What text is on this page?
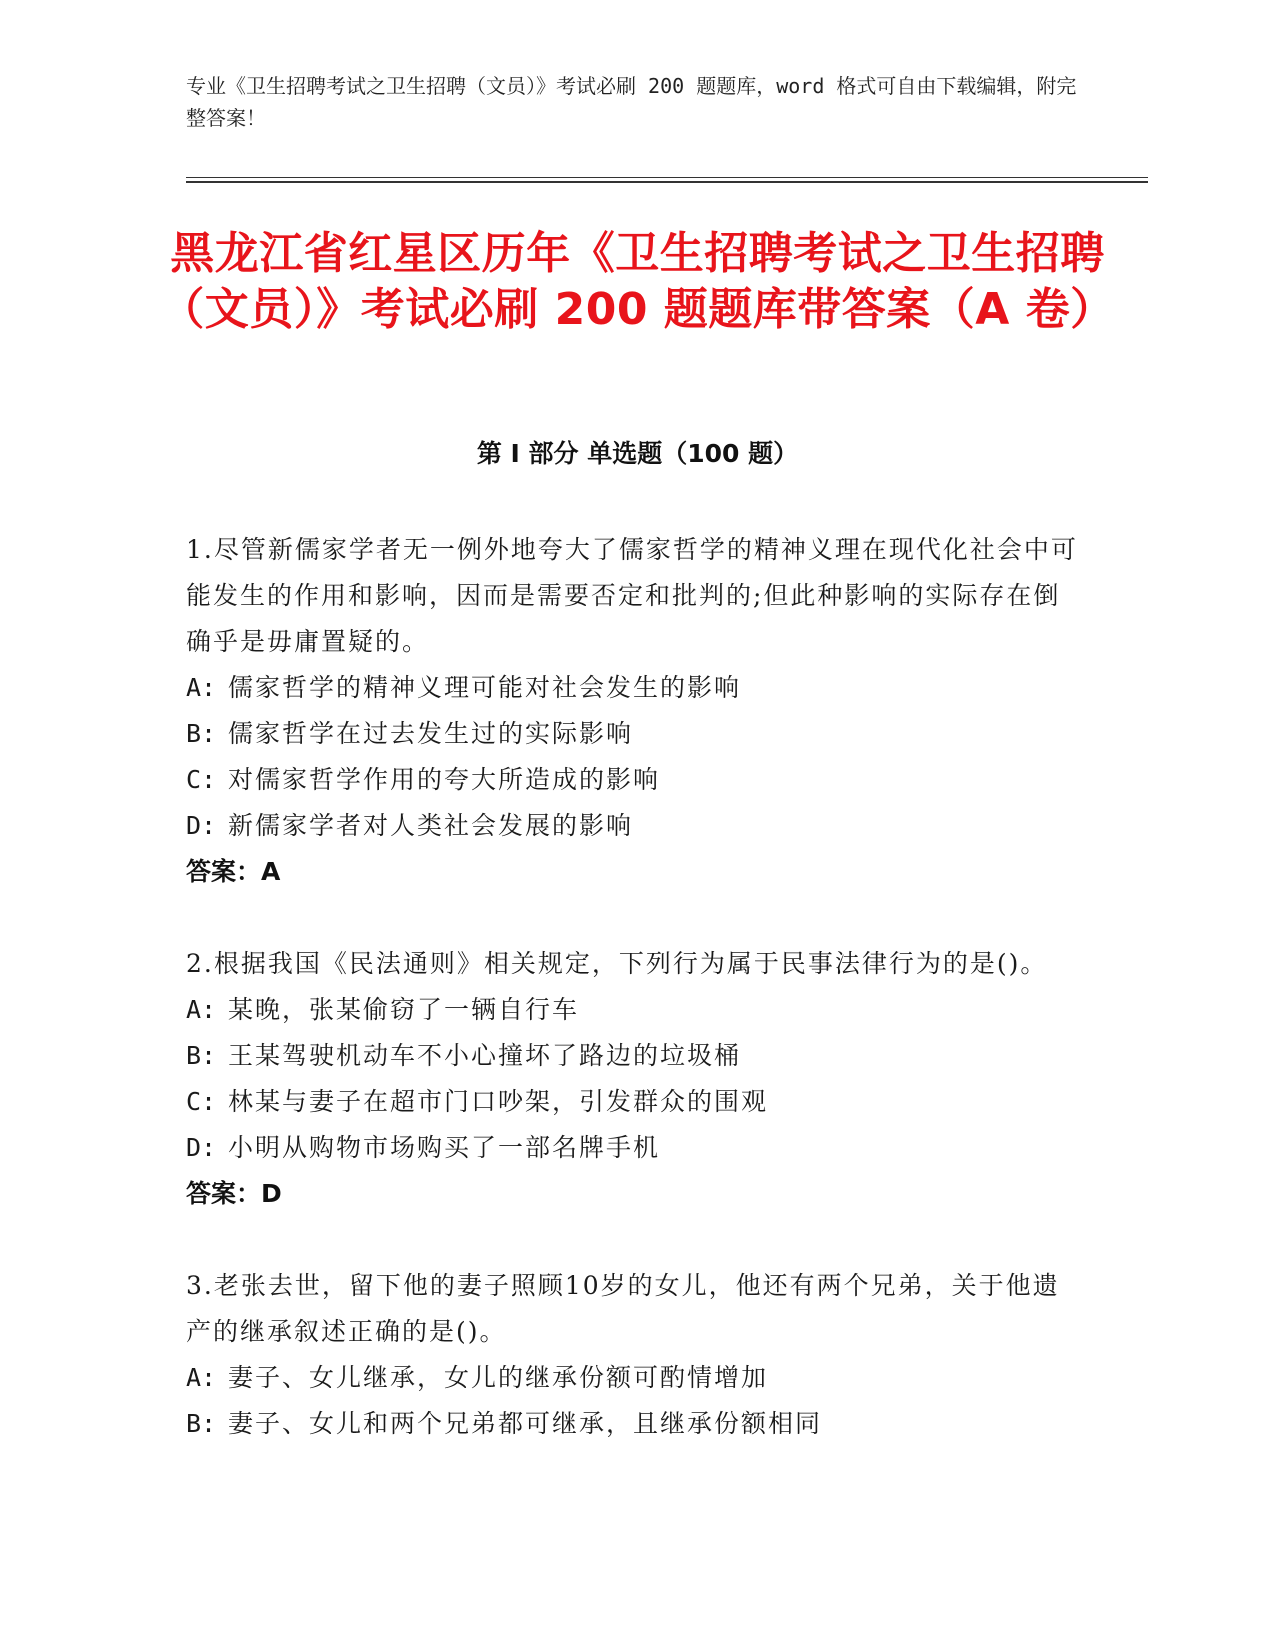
专业《卫生招聘考试之卫生招聘（文员）》考试必刷 200 题题库，word 格式可自由下载编辑，附完整答案！
黑龙江省红星区历年《卫生招聘考试之卫生招聘（文员）》考试必刷 200 题题库带答案（A 卷）
第 I 部分 单选题（100 题）
1.尽管新儒家学者无一例外地夸大了儒家哲学的精神义理在现代化社会中可能发生的作用和影响，因而是需要否定和批判的;但此种影响的实际存在倒确乎是毋庸置疑的。
A: 儒家哲学的精神义理可能对社会发生的影响
B: 儒家哲学在过去发生过的实际影响
C: 对儒家哲学作用的夸大所造成的影响
D: 新儒家学者对人类社会发展的影响
答案：A
2.根据我国《民法通则》相关规定，下列行为属于民事法律行为的是()。
A: 某晚，张某偷窃了一辆自行车
B: 王某驾驶机动车不小心撞坏了路边的垃圾桶
C: 林某与妻子在超市门口吵架，引发群众的围观
D: 小明从购物市场购买了一部名牌手机
答案：D
3.老张去世，留下他的妻子照顾10岁的女儿，他还有两个兄弟，关于他遗产的继承叙述正确的是()。
A: 妻子、女儿继承，女儿的继承份额可酌情增加
B: 妻子、女儿和两个兄弟都可继承，且继承份额相同
